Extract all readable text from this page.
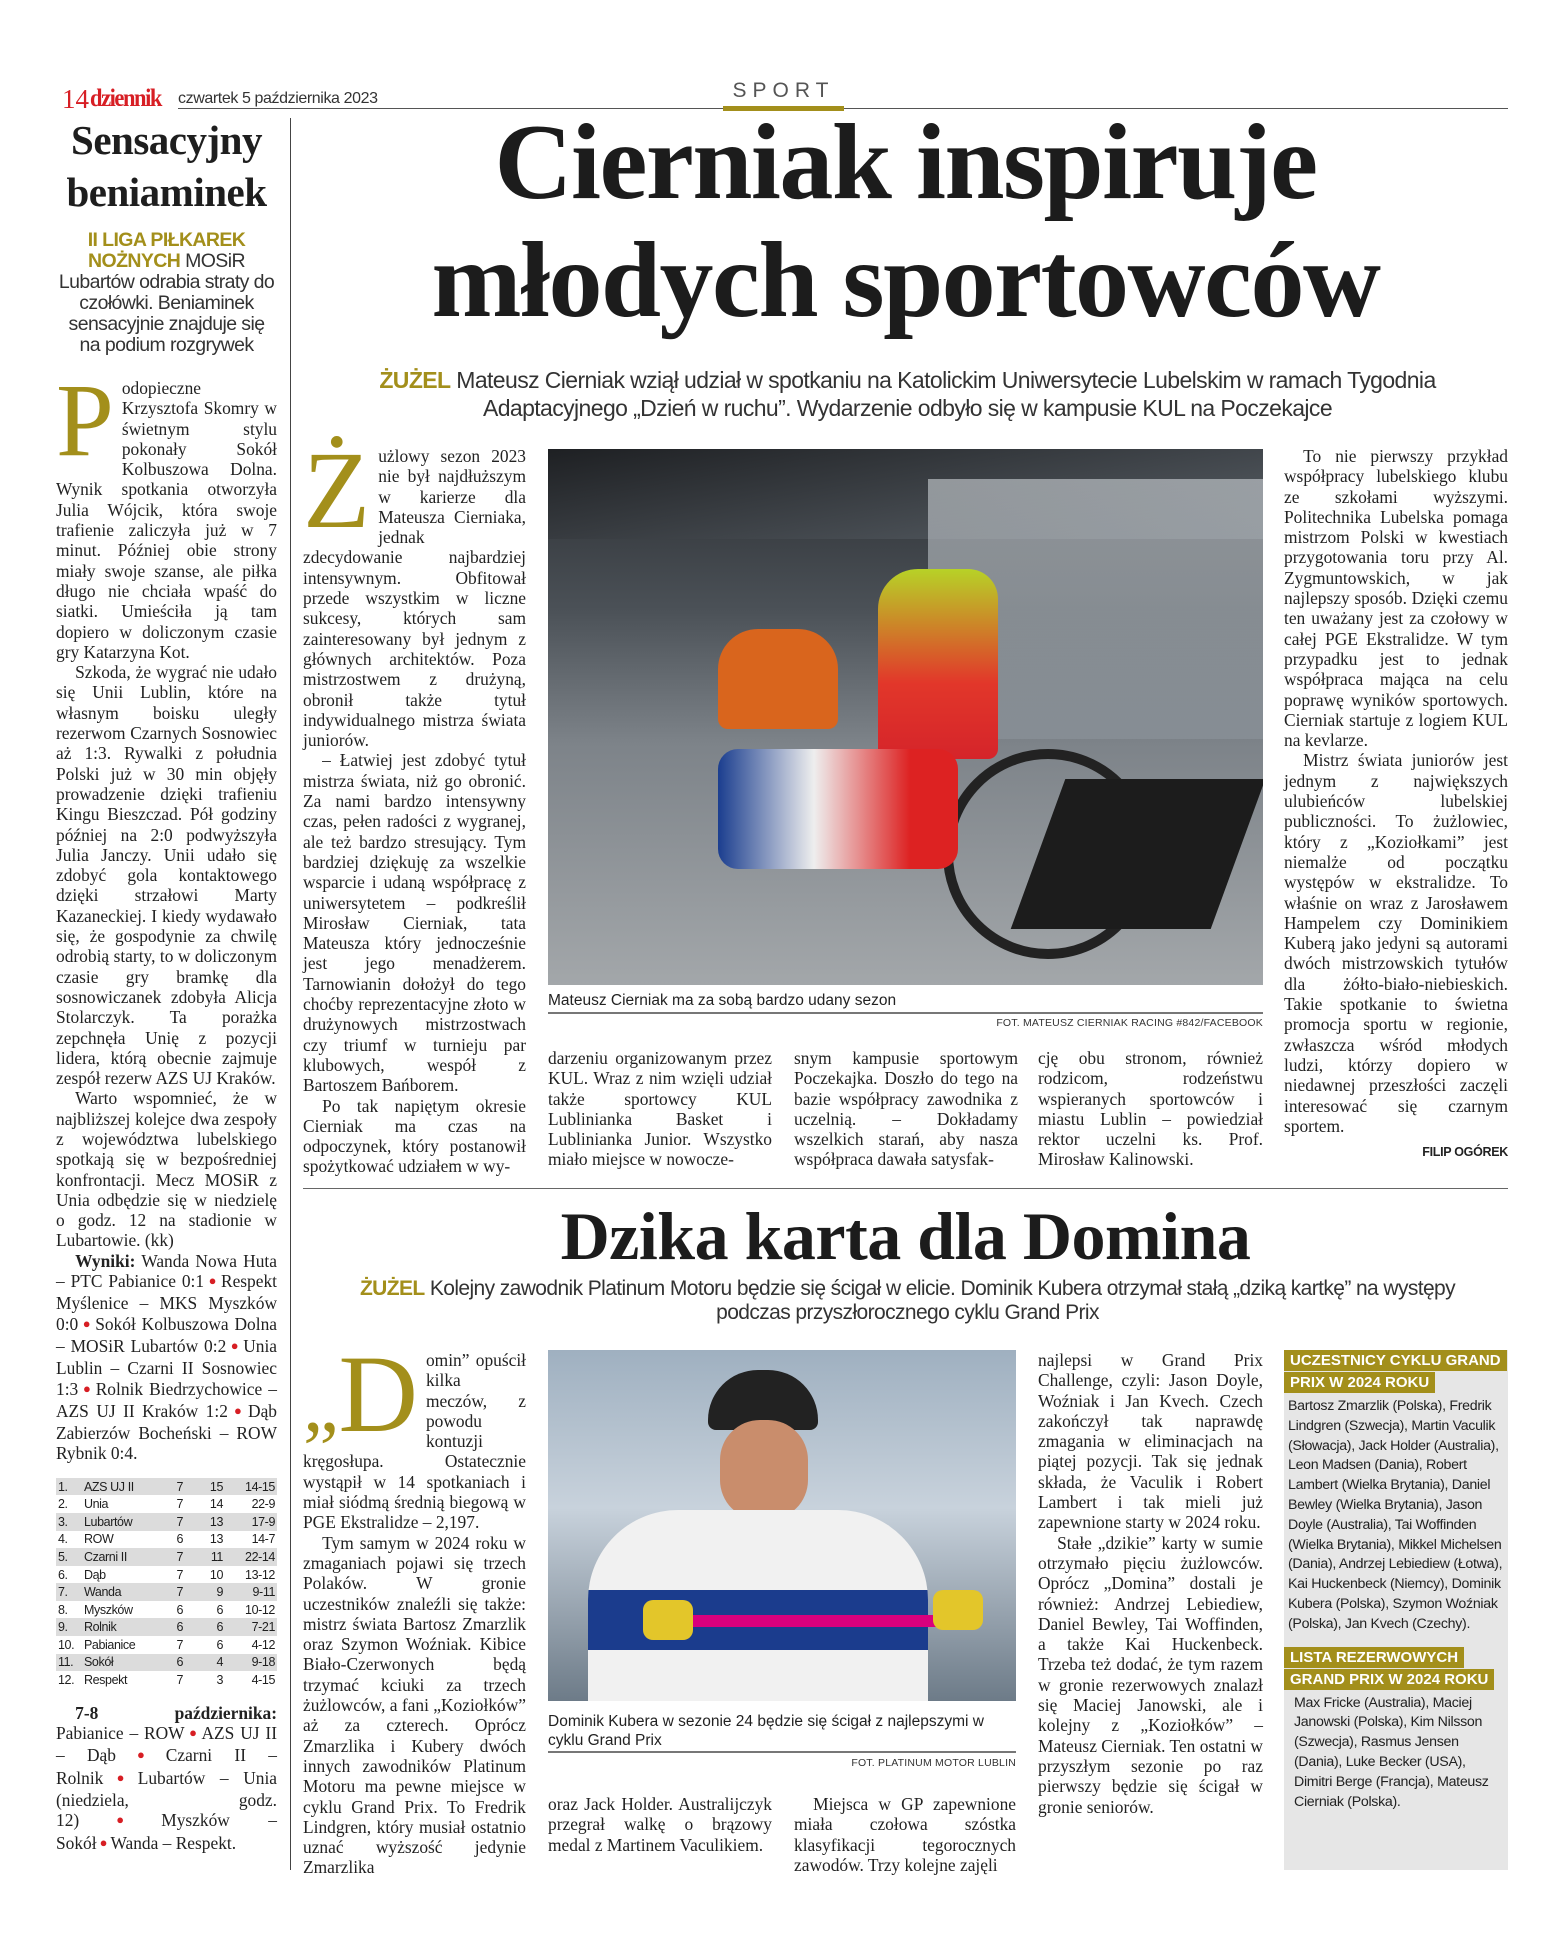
14 dziennik czwartek 5 października 2023	SPORT
Sensacyjny
beniaminek
II LIGA PIŁKAREK NOŻNYCH MOSiR Lubartów odrabia straty do czołówki. Beniaminek sensacyjnie znajduje się na podium rozgrywek

Podopieczne Krzysztofa Skomry w świetnym stylu pokonały Sokół Kolbuszowa Dolna. Wynik spotkania otworzyła Julia Wójcik, która swoje trafienie zaliczyła już w 7 minut. Później obie strony miały swoje szanse, ale piłka długo nie chciała wpaść do siatki. Umieściła ją tam dopiero w doliczonym czasie gry Katarzyna Kot.

Szkoda, że wygrać nie udało się Unii Lublin, które na własnym boisku uległy rezerwom Czarnych Sosnowiec aż 1:3. Rywalki z południa Polski już w 30 min objęły prowadzenie dzięki trafieniu Kingu Bieszczad. Pół godziny później na 2:0 podwyższyła Julia Janczy. Unii udało się zdobyć gola kontaktowego dzięki strzałowi Marty Kazaneckiej. I kiedy wydawało się, że gospodynie za chwilę odrobią starty, to w doliczonym czasie gry bramkę dla sosnowiczanek zdobyła Alicja Stolarczyk. Ta porażka zepchnęła Unię z pozycji lidera, którą obecnie zajmuje zespół rezerw AZS UJ Kraków.

Warto wspomnieć, że w najbliższej kolejce dwa zespoły z województwa lubelskiego spotkają się w bezpośredniej konfrontacji. Mecz MOSiR z Unia odbędzie się w niedzielę o godz. 12 na stadionie w Lubartowie. (kk)

Wyniki: Wanda Nowa Huta – PTC Pabianice 0:1 ● Respekt Myślenice – MKS Myszków 0:0 ● Sokół Kolbuszowa Dolna – MOSiR Lubartów 0:2 ● Unia Lublin – Czarni II Sosnowiec 1:3 ● Rolnik Biedrzychowice – AZS UJ II Kraków 1:2 ● Dąb Zabierzów Bocheński – ROW Rybnik 0:4.

1.	AZS UJ II	7	15	14-15
2.	Unia	7	14	22-9
3.	Lubartów	7	13	17-9
4.	ROW	6	13	14-7
5.	Czarni II	7	11	22-14
6.	Dąb	7	10	13-12
7.	Wanda	7	9	9-11
8.	Myszków	6	6	10-12
9.	Rolnik	6	6	7-21
10.	Pabianice	7	6	4-12
11.	Sokół	6	4	9-18
12.	Respekt	7	3	4-15

7-8 października: Pabianice – ROW ● AZS UJ II – Dąb ● Czarni II – Rolnik ● Lubartów – Unia (niedziela, godz. 12) ● Myszków – Sokół ● Wanda – Respekt.

Cierniak inspiruje
młodych sportowców
ŻUŻEL Mateusz Cierniak wziął udział w spotkaniu na Katolickim Uniwersytecie Lubelskim w ramach Tygodnia Adaptacyjnego „Dzień w ruchu”. Wydarzenie odbyło się w kampusie KUL na Poczekajce

Żużlowy sezon 2023 nie był najdłuższym w karierze dla Mateusza Cierniaka, jednak zdecydowanie najbardziej intensywnym. Obfitował przede wszystkim w liczne sukcesy, których sam zainteresowany był jednym z głównych architektów. Poza mistrzostwem z drużyną, obronił także tytuł indywidualnego mistrza świata juniorów.

– Łatwiej jest zdobyć tytuł mistrza świata, niż go obronić. Za nami bardzo intensywny czas, pełen radości z wygranej, ale też bardzo stresujący. Tym bardziej dziękuję za wszelkie wsparcie i udaną współpracę z uniwersytetem – podkreślił Mirosław Cierniak, tata Mateusza który jednocześnie jest jego menadżerem. Tarnowianin dołożył do tego choćby reprezentacyjne złoto w drużynowych mistrzostwach czy triumf w turnieju par klubowych, wespół z Bartoszem Bańborem.

Po tak napiętym okresie Cierniak ma czas na odpoczynek, który postanowił spożytkować udziałem w wy-

Mateusz Cierniak ma za sobą bardzo udany sezon
FOT. MATEUSZ CIERNIAK RACING #842/FACEBOOK

darzeniu organizowanym przez KUL. Wraz z nim wzięli udział także sportowcy KUL Lublinianka Basket i Lublinianka Junior. Wszystko miało miejsce w nowocze-

snym kampusie sportowym Poczekajka. Doszło do tego na bazie współpracy zawodnika z uczelnią. – Dokładamy wszelkich starań, aby nasza współpraca dawała satysfak-

cję obu stronom, również rodzicom, rodzeństwu wspieranych sportowców i miastu Lublin – powiedział rektor uczelni ks. Prof. Mirosław Kalinowski.

To nie pierwszy przykład współpracy lubelskiego klubu ze szkołami wyższymi. Politechnika Lubelska pomaga mistrzom Polski w kwestiach przygotowania toru przy Al. Zygmuntowskich, w jak najlepszy sposób. Dzięki czemu ten uważany jest za czołowy w całej PGE Ekstralidze. W tym przypadku jest to jednak współpraca mająca na celu poprawę wyników sportowych. Cierniak startuje z logiem KUL na kevlarze.

Mistrz świata juniorów jest jednym z największych ulubieńców lubelskiej publiczności. To żużlowiec, który z „Koziołkami” jest niemalże od początku występów w ekstralidze. To właśnie on wraz z Jarosławem Hampelem czy Dominikiem Kuberą jako jedyni są autorami dwóch mistrzowskich tytułów dla żółto-biało-niebieskich. Takie spotkanie to świetna promocja sportu w regionie, zwłaszcza wśród młodych ludzi, którzy dopiero w niedawnej przeszłości zaczęli interesować się czarnym sportem.

FILIP OGÓREK
Dzika karta dla Domina
ŻUŻEL Kolejny zawodnik Platinum Motoru będzie się ścigał w elicie. Dominik Kubera otrzymał stałą „dziką kartkę” na występy podczas przyszłorocznego cyklu Grand Prix

„D omin” opuścił kilka meczów, z powodu kontuzji kręgosłupa. Ostatecznie wystąpił w 14 spotkaniach i miał siódmą średnią biegową w PGE Ekstralidze – 2,197.

Tym samym w 2024 roku w zmaganiach pojawi się trzech Polaków. W gronie uczestników znaleźli się także: mistrz świata Bartosz Zmarzlik oraz Szymon Woźniak. Kibice Biało-Czerwonych będą trzymać kciuki za trzech żużlowców, a fani „Koziołków” aż za czterech. Oprócz Zmarzlika i Kubery dwóch innych zawodników Platinum Motoru ma pewne miejsce w cyklu Grand Prix. To Fredrik Lindgren, który musiał ostatnio uznać wyższość jedynie Zmarzlika

Dominik Kubera w sezonie 24 będzie się ścigał z najlepszymi w cyklu Grand Prix
FOT. PLATINUM MOTOR LUBLIN

oraz Jack Holder. Australijczyk przegrał walkę o brązowy medal z Martinem Vaculikiem.

Miejsca w GP zapewnione miała czołowa szóstka klasyfikacji tegorocznych zawodów. Trzy kolejne zajęli

najlepsi w Grand Prix Challenge, czyli: Jason Doyle, Woźniak i Jan Kvech. Czech zakończył tak naprawdę zmagania w eliminacjach na piątej pozycji. Tak się jednak składa, że Vaculik i Robert Lambert i tak mieli już zapewnione starty w 2024 roku.

Stałe „dzikie” karty w sumie otrzymało pięciu żużlowców. Oprócz „Domina” dostali je również: Andrzej Lebiediew, Daniel Bewley, Tai Woffinden, a także Kai Huckenbeck. Trzeba też dodać, że tym razem w gronie rezerwowych znalazł się Maciej Janowski, ale i kolejny z „Koziołków” – Mateusz Cierniak. Ten ostatni w przyszłym sezonie po raz pierwszy będzie się ścigał w gronie seniorów.

UCZESTNICY CYKLU GRAND PRIX W 2024 ROKU
Bartosz Zmarzlik (Polska), Fredrik Lindgren (Szwecja), Martin Vaculik (Słowacja), Jack Holder (Australia), Leon Madsen (Dania), Robert Lambert (Wielka Brytania), Daniel Bewley (Wielka Brytania), Jason Doyle (Australia), Tai Woffinden (Wielka Brytania), Mikkel Michelsen (Dania), Andrzej Lebiediew (Łotwa), Kai Huckenbeck (Niemcy), Dominik Kubera (Polska), Szymon Woźniak (Polska), Jan Kvech (Czechy).
LISTA REZERWOWYCH GRAND PRIX W 2024 ROKU
Max Fricke (Australia), Maciej Janowski (Polska), Kim Nilsson (Szwecja), Rasmus Jensen (Dania), Luke Becker (USA), Dimitri Berge (Francja), Mateusz Cierniak (Polska).
